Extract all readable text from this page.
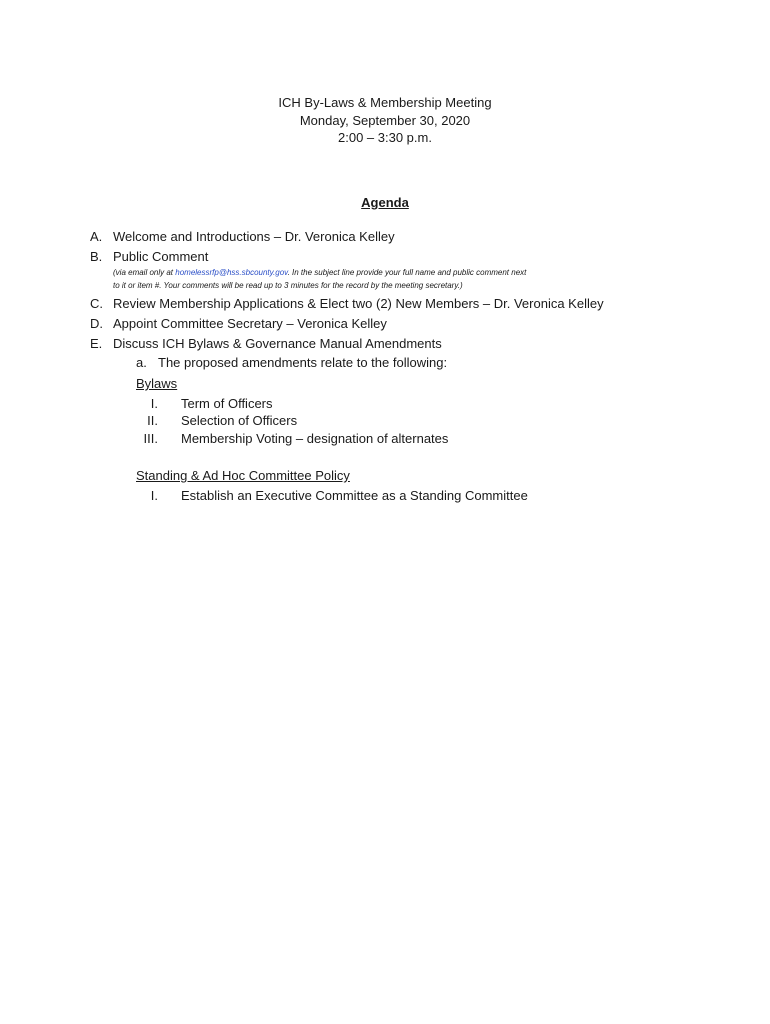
ICH By-Laws & Membership Meeting
Monday, September 30, 2020
2:00 – 3:30 p.m.
Agenda
A. Welcome and Introductions – Dr. Veronica Kelley
B. Public Comment
(via email only at homelessrfp@hss.sbcounty.gov. In the subject line provide your full name and public comment next
to it or item #. Your comments will be read up to 3 minutes for the record by the meeting secretary.)
C. Review Membership Applications & Elect two (2) New Members – Dr. Veronica Kelley
D. Appoint Committee Secretary – Veronica Kelley
E. Discuss ICH Bylaws & Governance Manual Amendments
a. The proposed amendments relate to the following:
Bylaws
I. Term of Officers
II. Selection of Officers
III. Membership Voting – designation of alternates
Standing & Ad Hoc Committee Policy
I. Establish an Executive Committee as a Standing Committee
